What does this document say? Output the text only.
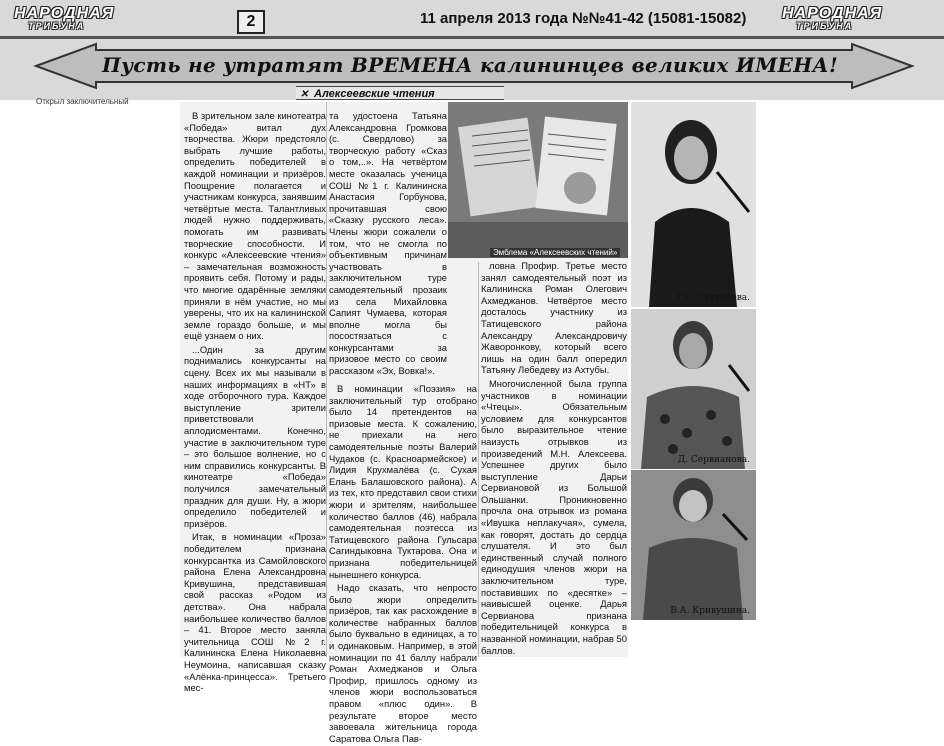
НАРОДНАЯ
ТРИБУНА	2	11 апреля 2013 года №№41-42 (15081-15082) НАРОДНАЯ
ТРИБУНА
Пусть не утратят ВРЕМЕНА калининцев великих ИМЕНА!
Открыл заключительный
✕ Алексеевские чтения
Эмблема «Алексеевских чтений»

В зрительном зале кинотеатра «Победа» витал дух творчества. Жюри предстояло выбрать лучшие работы, определить победителей в каждой номинации и призёров. Поощрение полагается и участникам конкурса, занявшим четвёртые места. Талантливых людей нужно поддерживать, помогать им развивать творческие способности. И конкурс «Алексеевские чтения» – замечательная возможность проявить себя. Потому и рады, что многие одарённые земляки приняли в нём участие, но мы уверены, что их на калининской земле гораздо больше, и мы ещё узнаем о них.

...Один за другим поднимались конкурсанты на сцену. Всех их мы называли в наших информациях в «НТ» в ходе отборочного тура. Каждое выступление зрители приветствовали аплодисментами. Конечно, участие в заключительном туре – это большое волнение, но с ним справились конкурсанты. В кинотеатре «Победа» получился замечательный праздник для души. Ну, а жюри определило победителей и призёров.

Итак, в номинации «Проза» победителем признана конкурсантка из Самойловского района Елена Александровна Кривушина, представившая свой рассказ «Родом из детства». Она набрала наибольшее количество баллов – 41. Второе место заняла учительница СОШ №2 г. Калининска Елена Николаевна Неумоина, написавшая сказку «Алёнка-принцесса». Третьего мес-

та удостоена Татьяна Александровна Громкова (с. Свердлово) за творческую работу «Сказ о том,..». На четвёртом месте оказалась ученица СОШ №1 г. Калининска Анастасия Горбунова, прочитавшая свою «Сказку русского леса». Члены жюри сожалели о том, что не смогла по объективным причинам участвовать в заключительном туре самодеятельный прозаик из села Михайловка Сапият Чумаева, которая вполне могла бы посостязаться с конкурсантами за призовое место со своим рассказом «Эх, Вовка!».

ловна Профир. Третье место занял самодеятельный поэт из Калининска Роман Олегович Ахмеджанов. Четвёртое место досталось участнику из Татищевского района Александру Александровичу Жаворонкову, который всего лишь на один балл опередил Татьяну Лебедеву из Ахтубы.

Многочисленной была группа участников в номинации «Чтецы». Обязательным условием для конкурсантов было выразительное чтение наизусть отрывков из произведений М.Н. Алексеева. Успешнее других было выступление Дарьи Сервиановой из Большой Ольшанки. Проникновенно прочла она отрывок из романа «Ивушка неплакучая», сумела, как говорят, достать до сердца слушателя. И это был единственный случай полного единодушия членов жюри на заключительном туре, поставивших по «десятке» – наивысшей оценке. Дарья Сервианова признана победительницей конкурса в названной номинации, набрав 50 баллов.

В номинации «Поэзия» на заключительный тур отобрано было 14 претендентов на призовые места. К сожалению, не приехали на него самодеятельные поэты Валерий Чудаков (с. Красноармейское) и Лидия Крухмалёва (с. Сухая Елань Балашовского района). А из тех, кто представил свои стихи жюри и зрителям, наибольшее количество баллов (46) набрала самодеятельная поэтесса из Татищевского района Гульсара Сагиндыковна Туктарова. Она и признана победительницей нынешнего конкурса.

Надо сказать, что непросто было жюри определить призёров, так как расхождение в количестве набранных баллов было буквально в единицах, а то и одинаковым. Например, в этой номинации по 41 баллу набрали Роман Ахмеджанов и Ольга Профир, пришлось одному из членов жюри воспользоваться правом «плюс один». В результате второе место завоевала жительница города Саратова Ольга Пав-

Г.С. Туктарова.
Д. Сервианова.
В.А. Кривушина.
